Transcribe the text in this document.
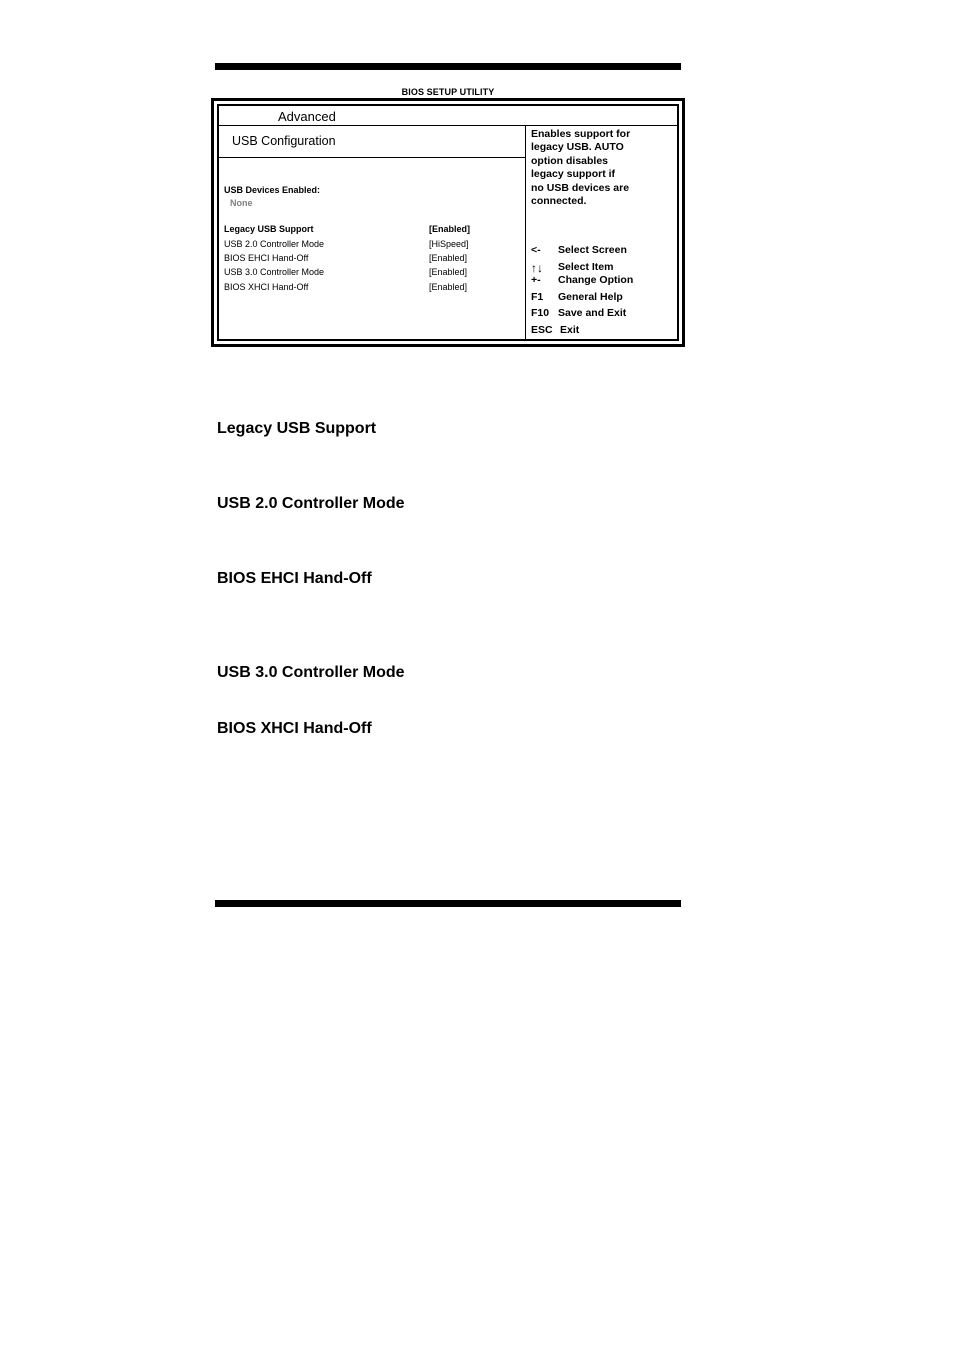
BIOS SETUP UTILITY
Advanced
USB Configuration
USB Devices Enabled:
None
Legacy USB Support	[Enabled]
USB 2.0 Controller Mode	[HiSpeed]
BIOS EHCI Hand-Off	[Enabled]
USB 3.0 Controller Mode	[Enabled]
BIOS XHCI Hand-Off	[Enabled]
Enables support for
legacy USB. AUTO
option disables
legacy support if
no USB devices are
connected.
<- Select Screen
↑↓ Select Item
+- Change Option
F1 General Help
F10 Save and Exit
ESC Exit
Legacy USB Support
USB 2.0 Controller Mode
BIOS EHCI Hand-Off
USB 3.0 Controller Mode
BIOS XHCI Hand-Off
